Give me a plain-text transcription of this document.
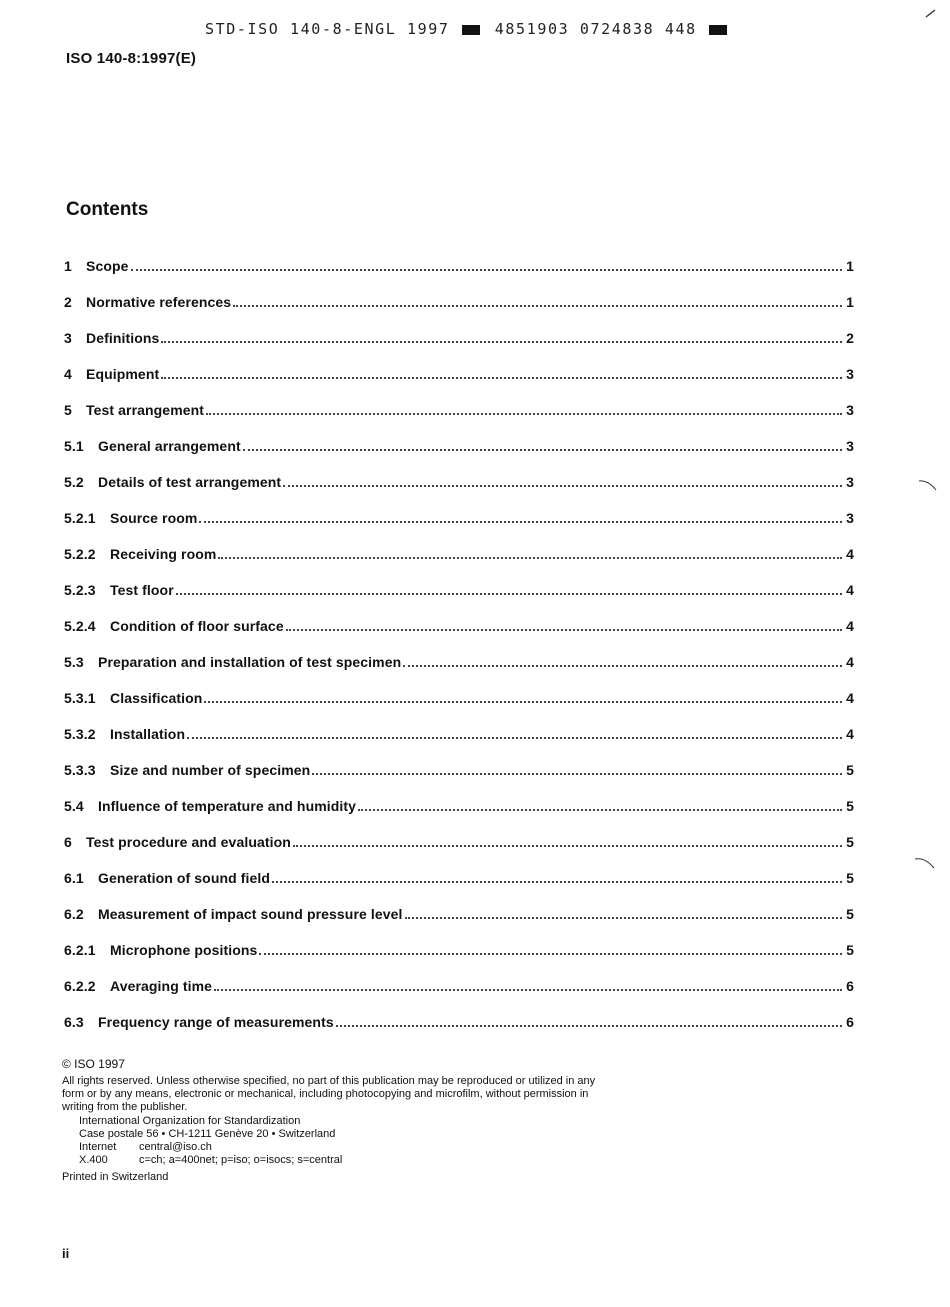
STD-ISO 140-8-ENGL 1997	4851903 0724838 448
ISO 140-8:1997(E)
Contents
1	Scope	1
2	Normative references	1
3	Definitions	2
4	Equipment	3
5	Test arrangement	3
5.1	General arrangement	3
5.2	Details of test arrangement	3
5.2.1	Source room	3
5.2.2	Receiving room	4
5.2.3	Test floor	4
5.2.4	Condition of floor surface	4
5.3	Preparation and installation of test specimen	4
5.3.1	Classification	4
5.3.2	Installation	4
5.3.3	Size and number of specimen	5
5.4	Influence of temperature and humidity	5
6	Test procedure and evaluation	5
6.1	Generation of sound field	5
6.2	Measurement of impact sound pressure level	5
6.2.1	Microphone positions	5
6.2.2	Averaging time	6
6.3	Frequency range of measurements	6
© ISO 1997
All rights reserved. Unless otherwise specified, no part of this publication may be reproduced or utilized in any form or by any means, electronic or mechanical, including photocopying and microfilm, without permission in writing from the publisher.
International Organization for Standardization
Case postale 56 • CH-1211 Genève 20 • Switzerland
Internet	central@iso.ch
X.400	c=ch; a=400net; p=iso; o=isocs; s=central
Printed in Switzerland
ii
